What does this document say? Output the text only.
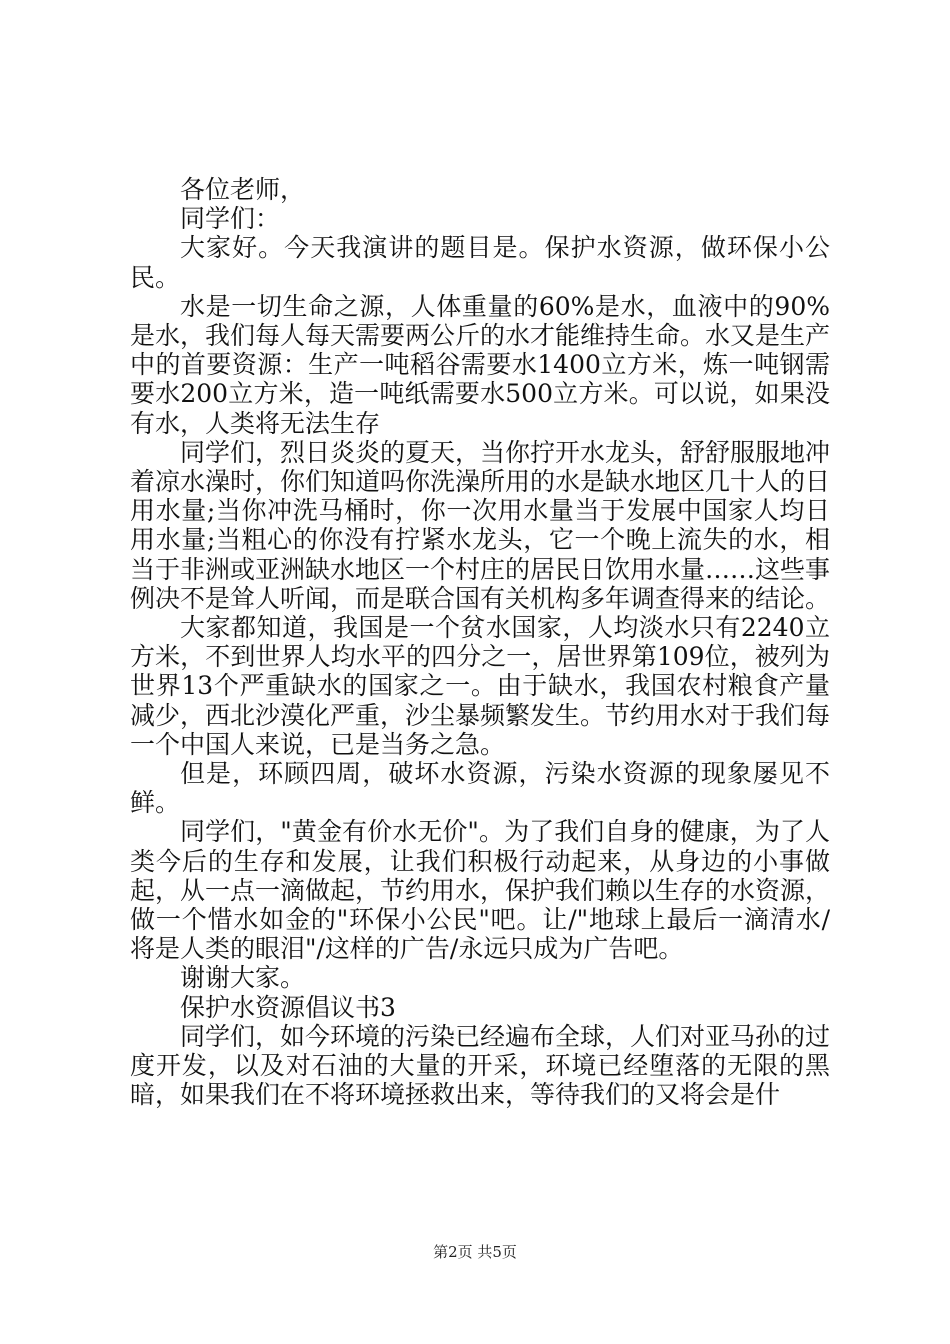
各位老师，

同学们：

大家好。今天我演讲的题目是。保护水资源，做环保小公民。

水是一切生命之源，人体重量的60%是水，血液中的90%是水，我们每人每天需要两公斤的水才能维持生命。水又是生产中的首要资源：生产一吨稻谷需要水1400立方米，炼一吨钢需要水200立方米，造一吨纸需要水500立方米。可以说，如果没有水，人类将无法生存

同学们，烈日炎炎的夏天，当你拧开水龙头，舒舒服服地冲着凉水澡时，你们知道吗你洗澡所用的水是缺水地区几十人的日用水量;当你冲洗马桶时，你一次用水量当于发展中国家人均日用水量;当粗心的你没有拧紧水龙头，它一个晚上流失的水，相当于非洲或亚洲缺水地区一个村庄的居民日饮用水量……这些事例决不是耸人听闻，而是联合国有关机构多年调查得来的结论。

大家都知道，我国是一个贫水国家，人均淡水只有2240立方米，不到世界人均水平的四分之一，居世界第109位，被列为世界13个严重缺水的国家之一。由于缺水，我国农村粮食产量减少，西北沙漠化严重，沙尘暴频繁发生。节约用水对于我们每一个中国人来说，已是当务之急。

但是，环顾四周，破坏水资源，污染水资源的现象屡见不鲜。

同学们，"黄金有价水无价"。为了我们自身的健康，为了人类今后的生存和发展，让我们积极行动起来，从身边的小事做起，从一点一滴做起，节约用水，保护我们赖以生存的水资源，做一个惜水如金的"环保小公民"吧。让/"地球上最后一滴清水/将是人类的眼泪"/这样的广告/永远只成为广告吧。

谢谢大家。

保护水资源倡议书3

同学们，如今环境的污染已经遍布全球，人们对亚马孙的过度开发，以及对石油的大量的开采，环境已经堕落的无限的黑暗，如果我们在不将环境拯救出来，等待我们的又将会是什

第2页 共5页
